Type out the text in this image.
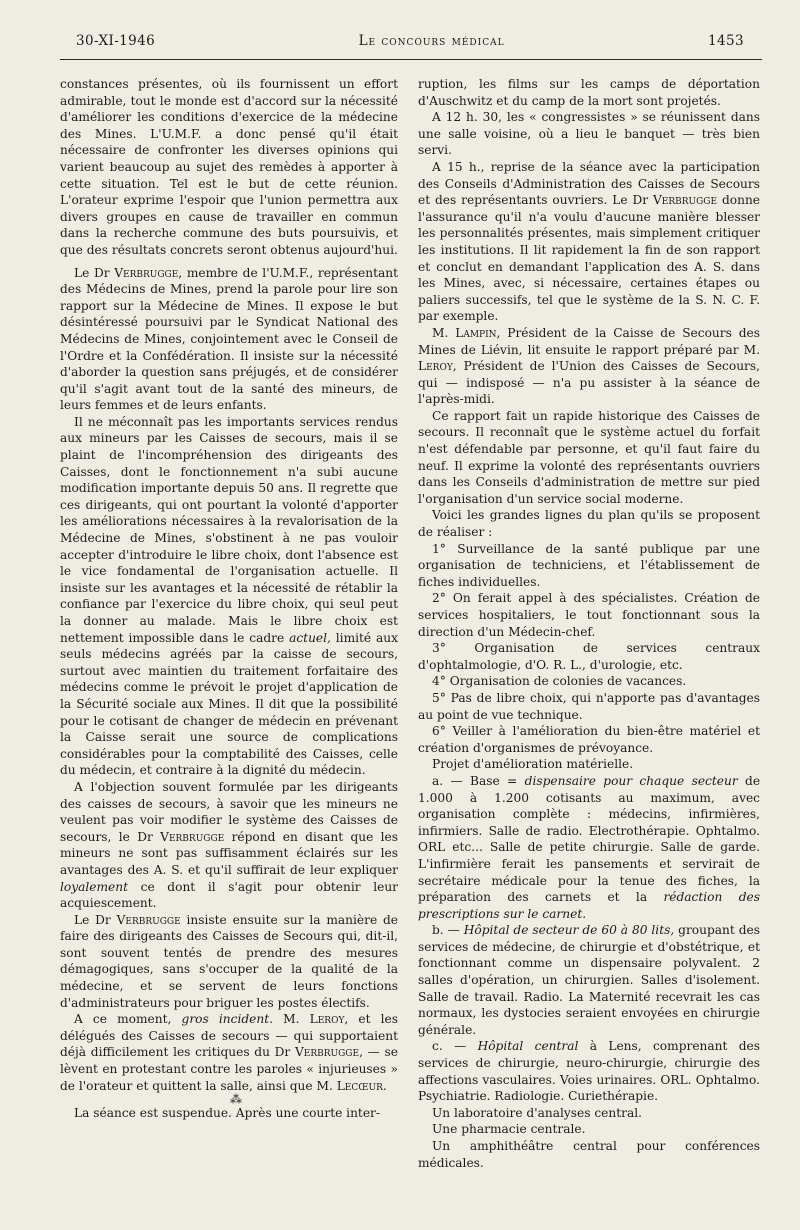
30-XI-1946	Le concours médical	1453

constances présentes, où ils fournissent un effort admirable, tout le monde est d'accord sur la nécessité d'améliorer les conditions d'exercice de la médecine des Mines. L'U.M.F. a donc pensé qu'il était nécessaire de confronter les diverses opinions qui varient beaucoup au sujet des remèdes à apporter à cette situation. Tel est le but de cette réunion. L'orateur exprime l'espoir que l'union permettra aux divers groupes en cause de travailler en commun dans la recherche commune des buts poursuivis, et que des résultats concrets seront obtenus aujourd'hui.

Le Dr Verbrugge, membre de l'U.M.F., représentant des Médecins de Mines, prend la parole pour lire son rapport sur la Médecine de Mines. Il expose le but désintéressé poursuivi par le Syndicat National des Médecins de Mines, conjointement avec le Conseil de l'Ordre et la Confédération. Il insiste sur la nécessité d'aborder la question sans préjugés, et de considérer qu'il s'agit avant tout de la santé des mineurs, de leurs femmes et de leurs enfants.

Il ne méconnaît pas les importants services rendus aux mineurs par les Caisses de secours, mais il se plaint de l'incompréhension des dirigeants des Caisses, dont le fonctionnement n'a subi aucune modification importante depuis 50 ans. Il regrette que ces dirigeants, qui ont pourtant la volonté d'apporter les améliorations nécessaires à la revalorisation de la Médecine de Mines, s'obstinent à ne pas vouloir accepter d'introduire le libre choix, dont l'absence est le vice fondamental de l'organisation actuelle. Il insiste sur les avantages et la nécessité de rétablir la confiance par l'exercice du libre choix, qui seul peut la donner au malade. Mais le libre choix est nettement impossible dans le cadre actuel, limité aux seuls médecins agréés par la caisse de secours, surtout avec maintien du traitement forfaitaire des médecins comme le prévoit le projet d'application de la Sécurité sociale aux Mines. Il dit que la possibilité pour le cotisant de changer de médecin en prévenant la Caisse serait une source de complications considérables pour la comptabilité des Caisses, celle du médecin, et contraire à la dignité du médecin.

A l'objection souvent formulée par les dirigeants des caisses de secours, à savoir que les mineurs ne veulent pas voir modifier le système des Caisses de secours, le Dr Verbrugge répond en disant que les mineurs ne sont pas suffisamment éclairés sur les avantages des A. S. et qu'il suffirait de leur expliquer loyalement ce dont il s'agit pour obtenir leur acquiescement.

Le Dr Verbrugge insiste ensuite sur la manière de faire des dirigeants des Caisses de Secours qui, dit-il, sont souvent tentés de prendre des mesures démagogiques, sans s'occuper de la qualité de la médecine, et se servent de leurs fonctions d'administrateurs pour briguer les postes électifs.

A ce moment, gros incident. M. Leroy, et les délégués des Caisses de secours — qui supportaient déjà difficilement les critiques du Dr Verbrugge, — se lèvent en protestant contre les paroles « injurieuses » de l'orateur et quittent la salle, ainsi que M. Lecœur.

⁂

La séance est suspendue. Après une courte inter-

ruption, les films sur les camps de déportation d'Auschwitz et du camp de la mort sont projetés.

A 12 h. 30, les « congressistes » se réunissent dans une salle voisine, où a lieu le banquet — très bien servi.

A 15 h., reprise de la séance avec la participation des Conseils d'Administration des Caisses de Secours et des représentants ouvriers. Le Dr Verbrugge donne l'assurance qu'il n'a voulu d'aucune manière blesser les personnalités présentes, mais simplement critiquer les institutions. Il lit rapidement la fin de son rapport et conclut en demandant l'application des A. S. dans les Mines, avec, si nécessaire, certaines étapes ou paliers successifs, tel que le système de la S. N. C. F. par exemple.

M. Lampin, Président de la Caisse de Secours des Mines de Liévin, lit ensuite le rapport préparé par M. Leroy, Président de l'Union des Caisses de Secours, qui — indisposé — n'a pu assister à la séance de l'après-midi.

Ce rapport fait un rapide historique des Caisses de secours. Il reconnaît que le système actuel du forfait n'est défendable par personne, et qu'il faut faire du neuf. Il exprime la volonté des représentants ouvriers dans les Conseils d'administration de mettre sur pied l'organisation d'un service social moderne.

Voici les grandes lignes du plan qu'ils se proposent de réaliser :

1° Surveillance de la santé publique par une organisation de techniciens, et l'établissement de fiches individuelles.

2° On ferait appel à des spécialistes. Création de services hospitaliers, le tout fonctionnant sous la direction d'un Médecin-chef.

3° Organisation de services centraux d'ophtalmologie, d'O. R. L., d'urologie, etc.

4° Organisation de colonies de vacances.

5° Pas de libre choix, qui n'apporte pas d'avantages au point de vue technique.

6° Veiller à l'amélioration du bien-être matériel et création d'organismes de prévoyance.

Projet d'amélioration matérielle.

a. — Base = dispensaire pour chaque secteur de 1.000 à 1.200 cotisants au maximum, avec organisation complète : médecins, infirmières, infirmiers. Salle de radio. Electrothérapie. Ophtalmo. ORL etc... Salle de petite chirurgie. Salle de garde. L'infirmière ferait les pansements et servirait de secrétaire médicale pour la tenue des fiches, la préparation des carnets et la rédaction des prescriptions sur le carnet.

b. — Hôpital de secteur de 60 à 80 lits, groupant des services de médecine, de chirurgie et d'obstétrique, et fonctionnant comme un dispensaire polyvalent. 2 salles d'opération, un chirurgien. Salles d'isolement. Salle de travail. Radio. La Maternité recevrait les cas normaux, les dystocies seraient envoyées en chirurgie générale.

c. — Hôpital central à Lens, comprenant des services de chirurgie, neuro-chirurgie, chirurgie des affections vasculaires. Voies urinaires. ORL. Ophtalmo. Psychiatrie. Radiologie. Curiethérapie.

Un laboratoire d'analyses central.

Une pharmacie centrale.

Un amphithéâtre central pour conférences médicales.
